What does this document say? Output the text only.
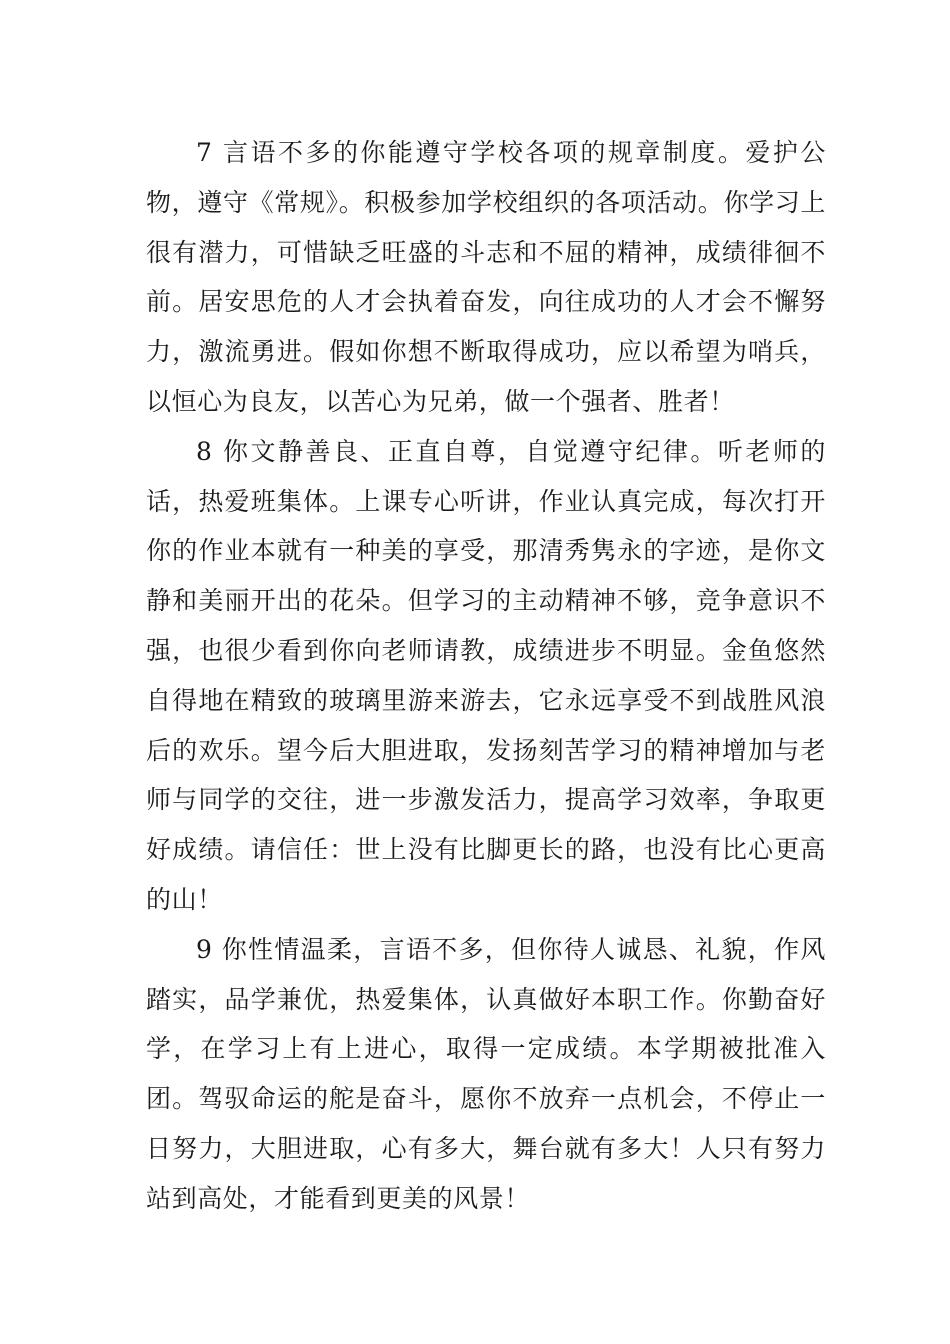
7 言语不多的你能遵守学校各项的规章制度。爱护公物，遵守《常规》。积极参加学校组织的各项活动。你学习上很有潜力，可惜缺乏旺盛的斗志和不屈的精神，成绩徘徊不前。居安思危的人才会执着奋发，向往成功的人才会不懈努力，激流勇进。假如你想不断取得成功，应以希望为哨兵，以恒心为良友，以苦心为兄弟，做一个强者、胜者！

8 你文静善良、正直自尊，自觉遵守纪律。听老师的话，热爱班集体。上课专心听讲，作业认真完成，每次打开你的作业本就有一种美的享受，那清秀隽永的字迹，是你文静和美丽开出的花朵。但学习的主动精神不够，竞争意识不强，也很少看到你向老师请教，成绩进步不明显。金鱼悠然自得地在精致的玻璃里游来游去，它永远享受不到战胜风浪后的欢乐。望今后大胆进取，发扬刻苦学习的精神增加与老师与同学的交往，进一步激发活力，提高学习效率，争取更好成绩。请信任：世上没有比脚更长的路，也没有比心更高的山！

9 你性情温柔，言语不多，但你待人诚恳、礼貌，作风踏实，品学兼优，热爱集体，认真做好本职工作。你勤奋好学，在学习上有上进心，取得一定成绩。本学期被批准入团。驾驭命运的舵是奋斗，愿你不放弃一点机会，不停止一日努力，大胆进取，心有多大，舞台就有多大！人只有努力站到高处，才能看到更美的风景！
